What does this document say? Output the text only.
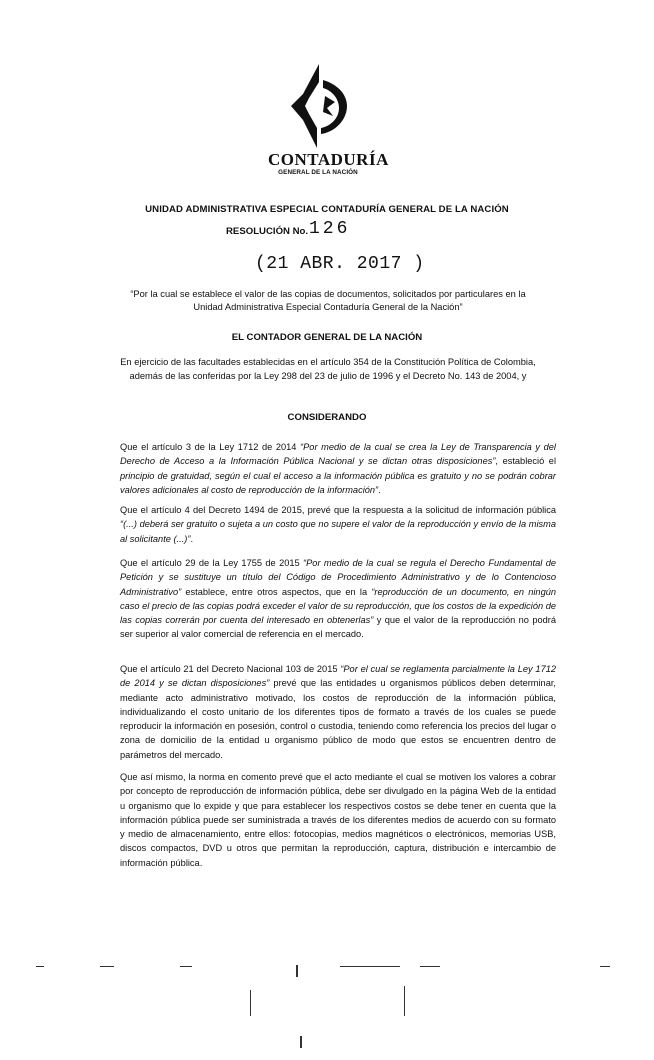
CONTADURÍA
GENERAL DE LA NACIÓN
UNIDAD ADMINISTRATIVA ESPECIAL CONTADURÍA GENERAL DE LA NACIÓN
RESOLUCIÓN No. 126
(21 ABR. 2017 )
“Por la cual se establece el valor de las copias de documentos, solicitados por particulares en la Unidad Administrativa Especial Contaduría General de la Nación”
EL CONTADOR GENERAL DE LA NACIÓN
En ejercicio de las facultades establecidas en el artículo 354 de la Constitución Política de Colombia, además de las conferidas por la Ley 298 del 23 de julio de 1996 y el Decreto No. 143 de 2004, y
CONSIDERANDO
Que el artículo 3 de la Ley 1712 de 2014 “Por medio de la cual se crea la Ley de Transparencia y del Derecho de Acceso a la Información Pública Nacional y se dictan otras disposiciones”, estableció el principio de gratuidad, según el cual el acceso a la información pública es gratuito y no se podrán cobrar valores adicionales al costo de reproducción de la información”.
Que el artículo 4 del Decreto 1494 de 2015, prevé que la respuesta a la solicitud de información pública “(...) deberá ser gratuito o sujeta a un costo que no supere el valor de la reproducción y envío de la misma al solicitante (...)”.
Que el artículo 29 de la Ley 1755 de 2015 “Por medio de la cual se regula el Derecho Fundamental de Petición y se sustituye un título del Código de Procedimiento Administrativo y de lo Contencioso Administrativo” establece, entre otros aspectos, que en la “reproducción de un documento, en ningún caso el precio de las copias podrá exceder el valor de su reproducción, que los costos de la expedición de las copias correrán por cuenta del interesado en obtenerlas” y que el valor de la reproducción no podrá ser superior al valor comercial de referencia en el mercado.
Que el artículo 21 del Decreto Nacional 103 de 2015 “Por el cual se reglamenta parcialmente la Ley 1712 de 2014 y se dictan disposiciones” prevé que las entidades u organismos públicos deben determinar, mediante acto administrativo motivado, los costos de reproducción de la información pública, individualizando el costo unitario de los diferentes tipos de formato a través de los cuales se puede reproducir la información en posesión, control o custodia, teniendo como referencia los precios del lugar o zona de domicilio de la entidad u organismo público de modo que estos se encuentren dentro de parámetros del mercado.
Que así mismo, la norma en comento prevé que el acto mediante el cual se motiven los valores a cobrar por concepto de reproducción de información pública, debe ser divulgado en la página Web de la entidad u organismo que lo expide y que para establecer los respectivos costos se debe tener en cuenta que la información pública puede ser suministrada a través de los diferentes medios de acuerdo con su formato y medio de almacenamiento, entre ellos: fotocopias, medios magnéticos o electrónicos, memorias USB, discos compactos, DVD u otros que permitan la reproducción, captura, distribución e intercambio de información pública.
